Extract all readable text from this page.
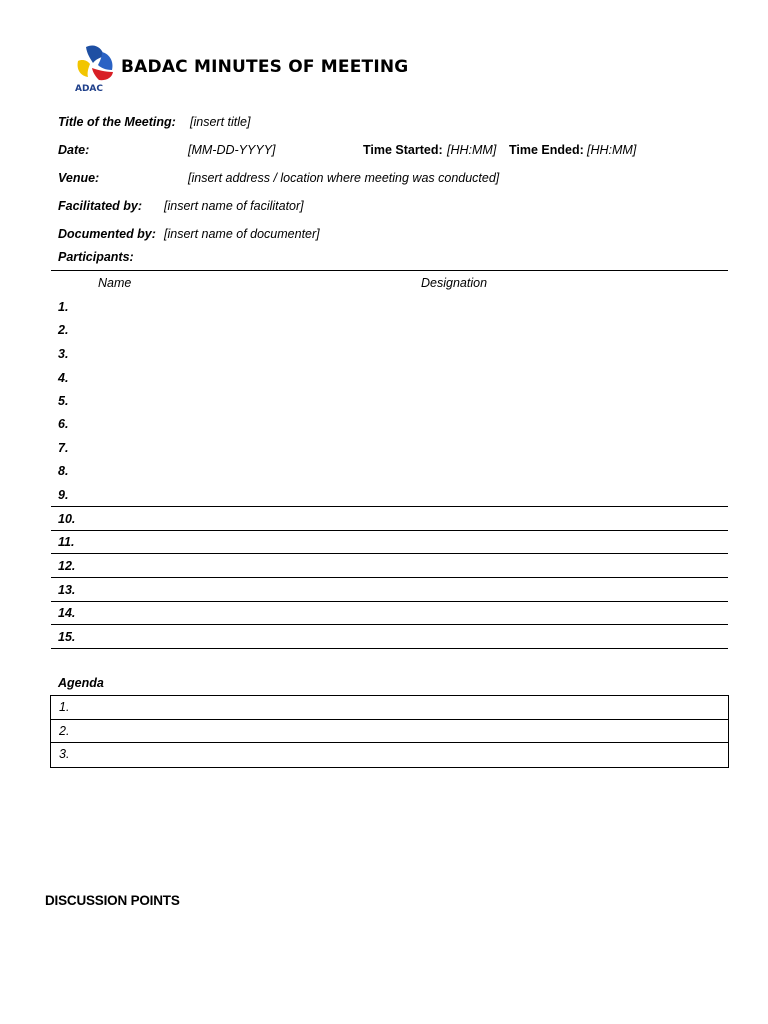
ADAC
BADAC MINUTES OF MEETING
Title of the Meeting: [insert title]
Date:	[MM-DD-YYYY]	Time Started: [HH:MM] Time Ended: [HH:MM]
Venue:	[insert address / location where meeting was conducted]
Facilitated by: [insert name of facilitator]
Documented by: [insert name of documenter]
Participants:
Name	Designation
1.
2.
3.
4.
5.
6.
7.
8.
9.
10.
11.
12.
13.
14.
15.
Agenda
1.
2.
3.
DISCUSSION POINTS
